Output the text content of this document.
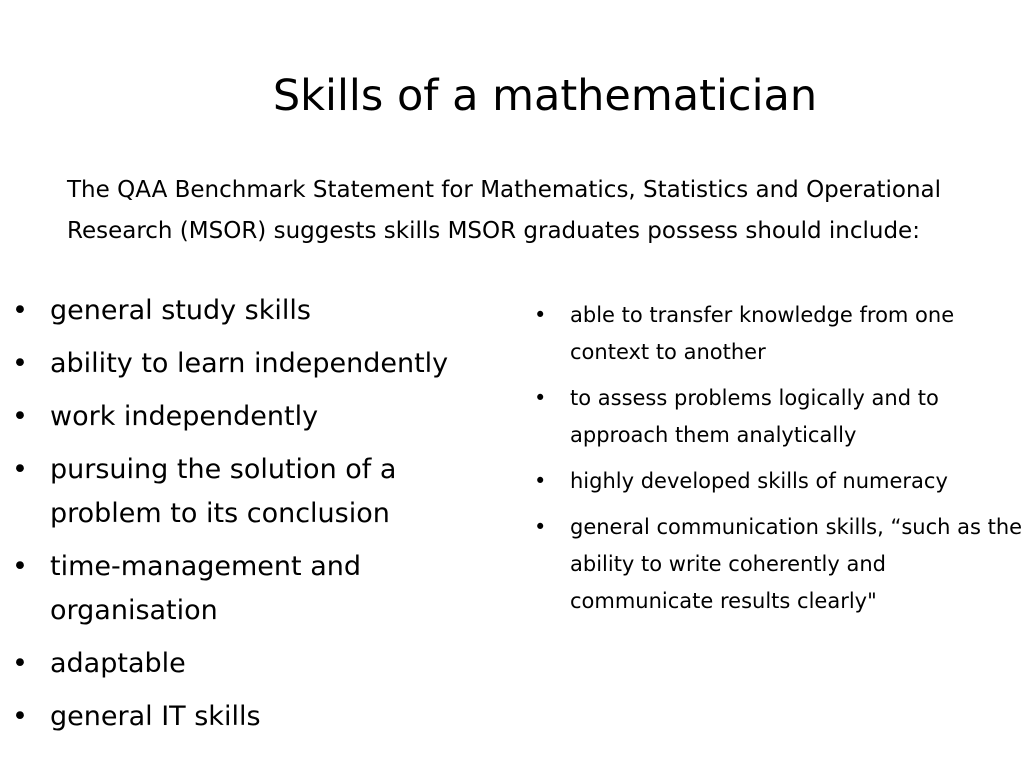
Skills of a mathematician

The QAA Benchmark Statement for Mathematics, Statistics and Operational Research (MSOR) suggests skills MSOR graduates possess should include:

• general study skills
• ability to learn independently
• work independently
• pursuing the solution of a problem to its conclusion
• time-management and organisation
• adaptable
• general IT skills
• able to transfer knowledge from one context to another
• to assess problems logically and to approach them analytically
• highly developed skills of numeracy
• general communication skills, “such as the ability to write coherently and communicate results clearly"
